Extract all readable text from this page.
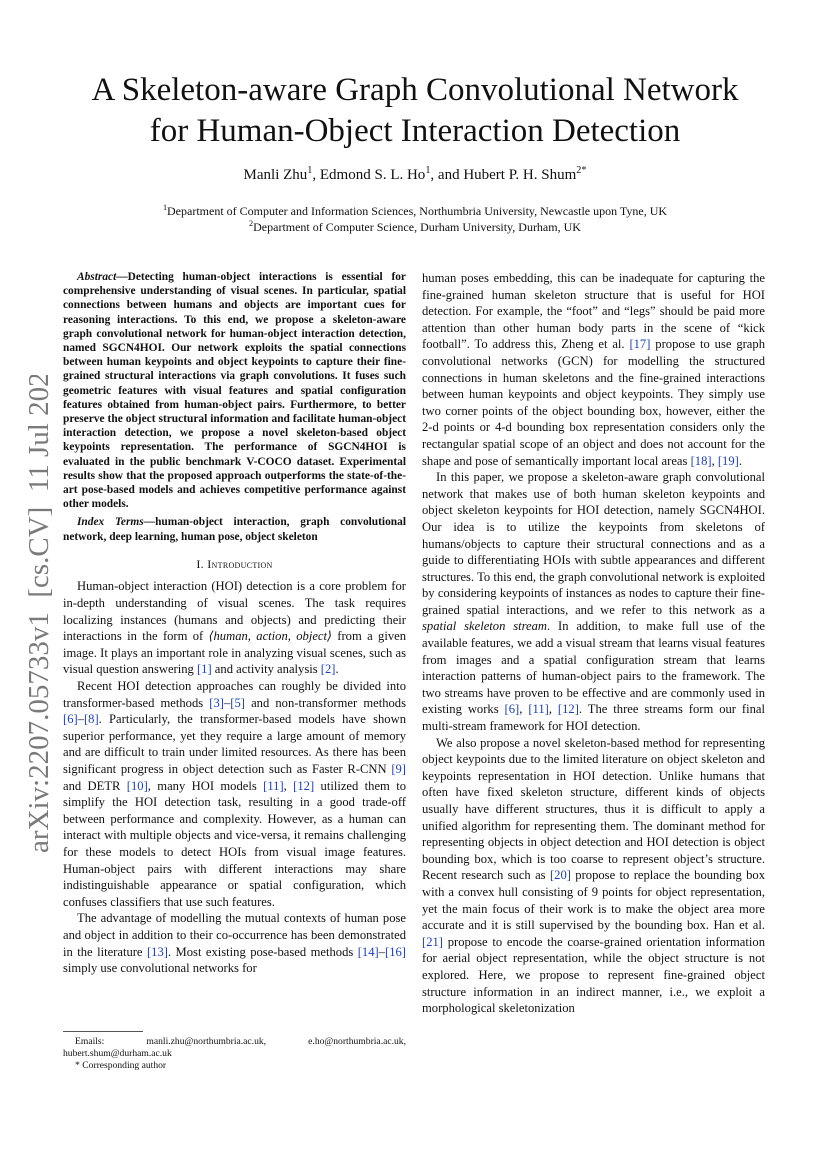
arXiv:2207.05733v1  [cs.CV]  11 Jul 2022
A Skeleton-aware Graph Convolutional Network
for Human-Object Interaction Detection
Manli Zhu$^1$, Edmond S. L. Ho$^1$, and Hubert P. H. Shum$^{2*}$
$^1$Department of Computer and Information Sciences, Northumbria University, Newcastle upon Tyne, UK
$^2$Department of Computer Science, Durham University, Durham, UK

Abstract—Detecting human-object interactions is essential for comprehensive understanding of visual scenes. In particular, spatial connections between humans and objects are important cues for reasoning interactions. To this end, we propose a skeleton-aware graph convolutional network for human-object interaction detection, named SGCN4HOI. Our network exploits the spatial connections between human keypoints and object keypoints to capture their fine-grained structural interactions via graph convolutions. It fuses such geometric features with visual features and spatial configuration features obtained from human-object pairs. Furthermore, to better preserve the object structural information and facilitate human-object interaction detection, we propose a novel skeleton-based object keypoints representation. The performance of SGCN4HOI is evaluated in the public benchmark V-COCO dataset. Experimental results show that the proposed approach outperforms the state-of-the-art pose-based models and achieves competitive performance against other models.

Index Terms—human-object interaction, graph convolutional network, deep learning, human pose, object skeleton

I. Introduction

Human-object interaction (HOI) detection is a core problem for in-depth understanding of visual scenes. The task requires localizing instances (humans and objects) and predicting their interactions in the form of ⟨human, action, object⟩ from a given image. It plays an important role in analyzing visual scenes, such as visual question answering [1] and activity analysis [2].

Recent HOI detection approaches can roughly be divided into transformer-based methods [3]–[5] and non-transformer methods [6]–[8]. Particularly, the transformer-based models have shown superior performance, yet they require a large amount of memory and are difficult to train under limited resources. As there has been significant progress in object detection such as Faster R-CNN [9] and DETR [10], many HOI models [11], [12] utilized them to simplify the HOI detection task, resulting in a good trade-off between performance and complexity. However, as a human can interact with multiple objects and vice-versa, it remains challenging for these models to detect HOIs from visual image features. Human-object pairs with different interactions may share indistinguishable appearance or spatial configuration, which confuses classifiers that use such features.

The advantage of modelling the mutual contexts of human pose and object in addition to their co-occurrence has been demonstrated in the literature [13]. Most existing pose-based methods [14]–[16] simply use convolutional networks for

Emails: manli.zhu@northumbria.ac.uk, e.ho@northumbria.ac.uk, hubert.shum@durham.ac.uk

* Corresponding author

human poses embedding, this can be inadequate for capturing the fine-grained human skeleton structure that is useful for HOI detection. For example, the “foot” and “legs” should be paid more attention than other human body parts in the scene of “kick football”. To address this, Zheng et al. [17] propose to use graph convolutional networks (GCN) for modelling the structured connections in human skeletons and the fine-grained interactions between human keypoints and object keypoints. They simply use two corner points of the object bounding box, however, either the 2-d points or 4-d bounding box representation considers only the rectangular spatial scope of an object and does not account for the shape and pose of semantically important local areas [18], [19].

In this paper, we propose a skeleton-aware graph convolutional network that makes use of both human skeleton keypoints and object skeleton keypoints for HOI detection, namely SGCN4HOI. Our idea is to utilize the keypoints from skeletons of humans/objects to capture their structural connections and as a guide to differentiating HOIs with subtle appearances and different structures. To this end, the graph convolutional network is exploited by considering keypoints of instances as nodes to capture their fine-grained spatial interactions, and we refer to this network as a spatial skeleton stream. In addition, to make full use of the available features, we add a visual stream that learns visual features from images and a spatial configuration stream that learns interaction patterns of human-object pairs to the framework. The two streams have proven to be effective and are commonly used in existing works [6], [11], [12]. The three streams form our final multi-stream framework for HOI detection.

We also propose a novel skeleton-based method for representing object keypoints due to the limited literature on object skeleton and keypoints representation in HOI detection. Unlike humans that often have fixed skeleton structure, different kinds of objects usually have different structures, thus it is difficult to apply a unified algorithm for representing them. The dominant method for representing objects in object detection and HOI detection is object bounding box, which is too coarse to represent object’s structure. Recent research such as [20] propose to replace the bounding box with a convex hull consisting of 9 points for object representation, yet the main focus of their work is to make the object area more accurate and it is still supervised by the bounding box. Han et al. [21] propose to encode the coarse-grained orientation information for aerial object representation, while the object structure is not explored. Here, we propose to represent fine-grained object structure information in an indirect manner, i.e., we exploit a morphological skeletonization
